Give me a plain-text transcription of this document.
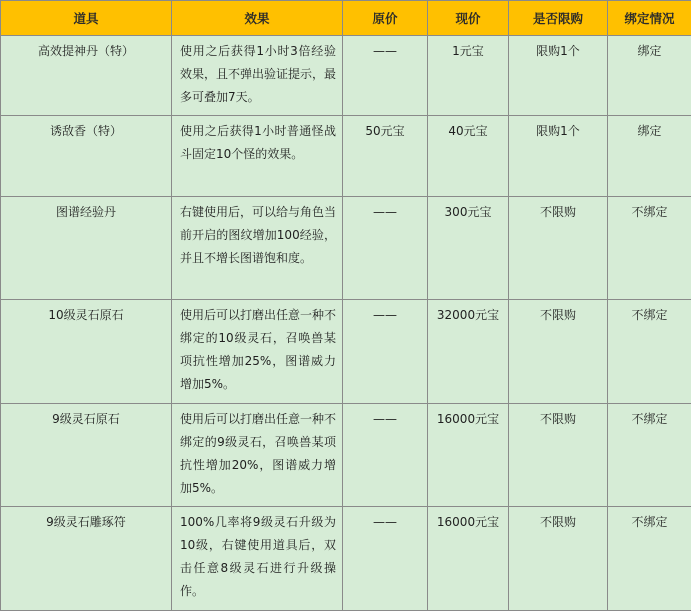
道具	效果	原价	现价	是否限购	绑定情况
高效提神丹（特）	使用之后获得1小时3倍经验效果，且不弹出验证提示，最多可叠加7天。	——	1元宝	限购1个	绑定
诱敌香（特）	使用之后获得1小时普通怪战斗固定10个怪的效果。	50元宝	40元宝	限购1个	绑定
图谱经验丹	右键使用后，可以给与角色当前开启的图纹增加100经验，并且不增长图谱饱和度。	——	300元宝	不限购	不绑定
10级灵石原石	使用后可以打磨出任意一种不绑定的10级灵石，召唤兽某项抗性增加25%，图谱威力增加5%。	——	32000元宝	不限购	不绑定
9级灵石原石	使用后可以打磨出任意一种不绑定的9级灵石，召唤兽某项抗性增加20%，图谱威力增加5%。	——	16000元宝	不限购	不绑定
9级灵石雕琢符	100%几率将9级灵石升级为10级，右键使用道具后，双击任意8级灵石进行升级操作。	——	16000元宝	不限购	不绑定
